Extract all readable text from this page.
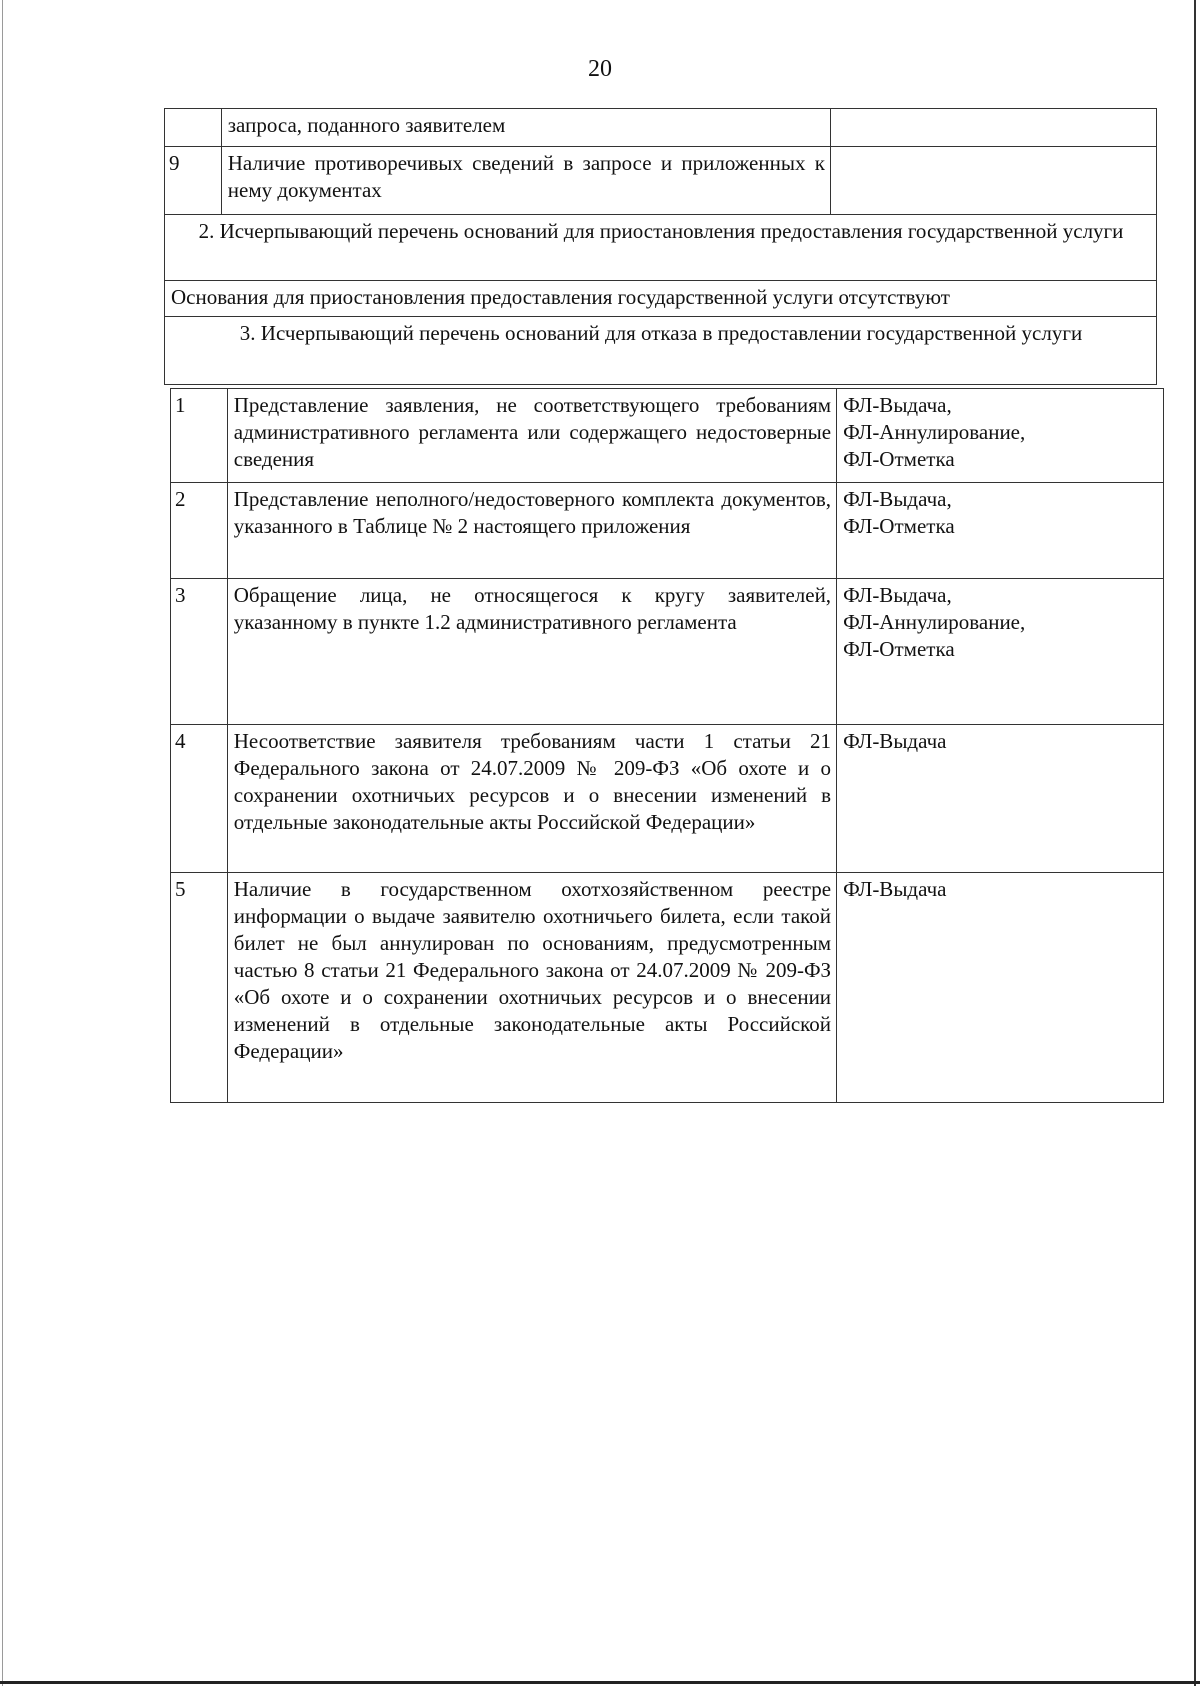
20
	запроса, поданного заявителем	
9	Наличие противоречивых сведений в запросе и приложенных к нему документах	
2. Исчерпывающий перечень оснований для приостановления предоставления государственной услуги		
Основания для приостановления предоставления государственной услуги отсутствуют		
3. Исчерпывающий перечень оснований для отказа в предоставлении государственной услуги		
1	Представление заявления, не соответствующего требованиям административного регламента или содержащего недостоверные сведения	ФЛ-Выдача,
ФЛ-Аннулирование,
ФЛ-Отметка

2	Представление неполного/недостоверного комплекта документов, указанного в Таблице № 2 настоящего приложения	ФЛ-Выдача,
ФЛ-Отметка

3	Обращение лица, не относящегося к кругу заявителей, указанному в пункте 1.2 административного регламента	ФЛ-Выдача,
ФЛ-Аннулирование,
ФЛ-Отметка

4	Несоответствие заявителя требованиям части 1 статьи 21 Федерального закона от 24.07.2009 № 209-ФЗ «Об охоте и о сохранении охотничьих ресурсов и о внесении изменений в отдельные законодательные акты Российской Федерации»	ФЛ-Выдача

5	Наличие в государственном охотхозяйственном реестре информации о выдаче заявителю охотничьего билета, если такой билет не был аннулирован по основаниям, предусмотренным частью 8 статьи 21 Федерального закона от 24.07.2009 № 209-ФЗ «Об охоте и о сохранении охотничьих ресурсов и о внесении изменений в отдельные законодательные акты Российской Федерации»	ФЛ-Выдача
